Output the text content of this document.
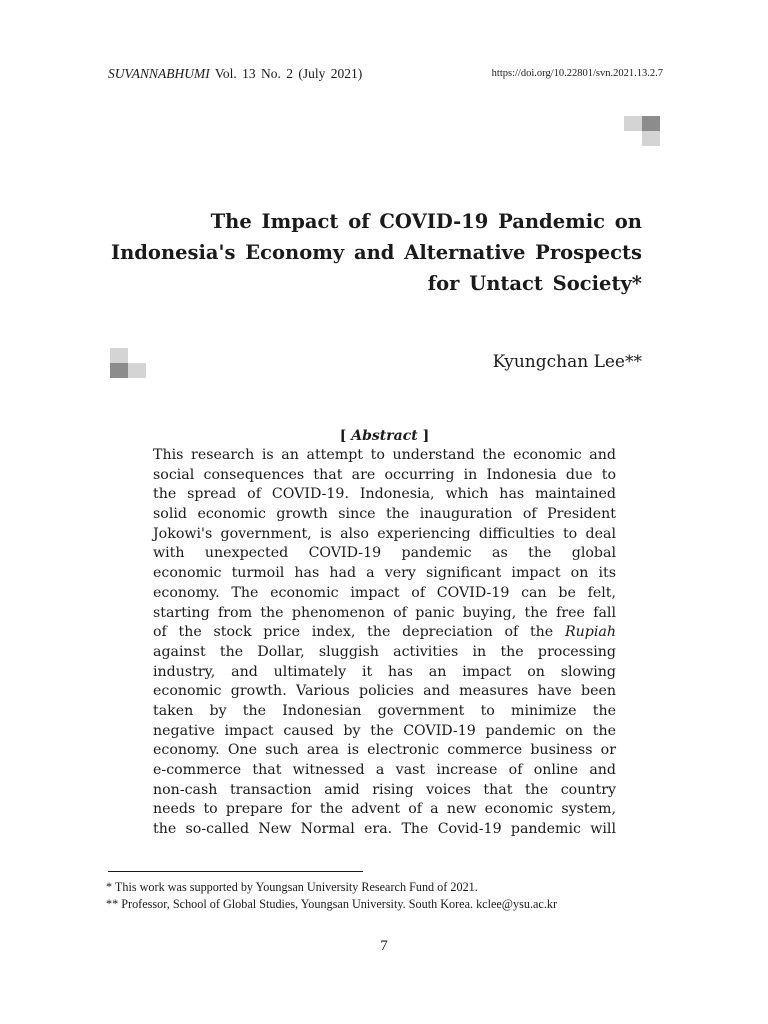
SUVANNABHUMI Vol. 13 No. 2 (July 2021)	https://doi.org/10.22801/svn.2021.13.2.7
The Impact of COVID-19 Pandemic on
Indonesia's Economy and Alternative Prospects
for Untact Society*
Kyungchan Lee**
[ Abstract ]
This research is an attempt to understand the economic and
social consequences that are occurring in Indonesia due to
the spread of COVID-19. Indonesia, which has maintained
solid economic growth since the inauguration of President
Jokowi's government, is also experiencing difficulties to deal
with unexpected COVID-19 pandemic as the global
economic turmoil has had a very significant impact on its
economy. The economic impact of COVID-19 can be felt,
starting from the phenomenon of panic buying, the free fall
of the stock price index, the depreciation of the Rupiah
against the Dollar, sluggish activities in the processing
industry, and ultimately it has an impact on slowing
economic growth. Various policies and measures have been
taken by the Indonesian government to minimize the
negative impact caused by the COVID-19 pandemic on the
economy. One such area is electronic commerce business or
e-commerce that witnessed a vast increase of online and
non-cash transaction amid rising voices that the country
needs to prepare for the advent of a new economic system,
the so-called New Normal era. The Covid-19 pandemic will
* This work was supported by Youngsan University Research Fund of 2021.
** Professor, School of Global Studies, Youngsan University. South Korea. kclee@ysu.ac.kr
7
